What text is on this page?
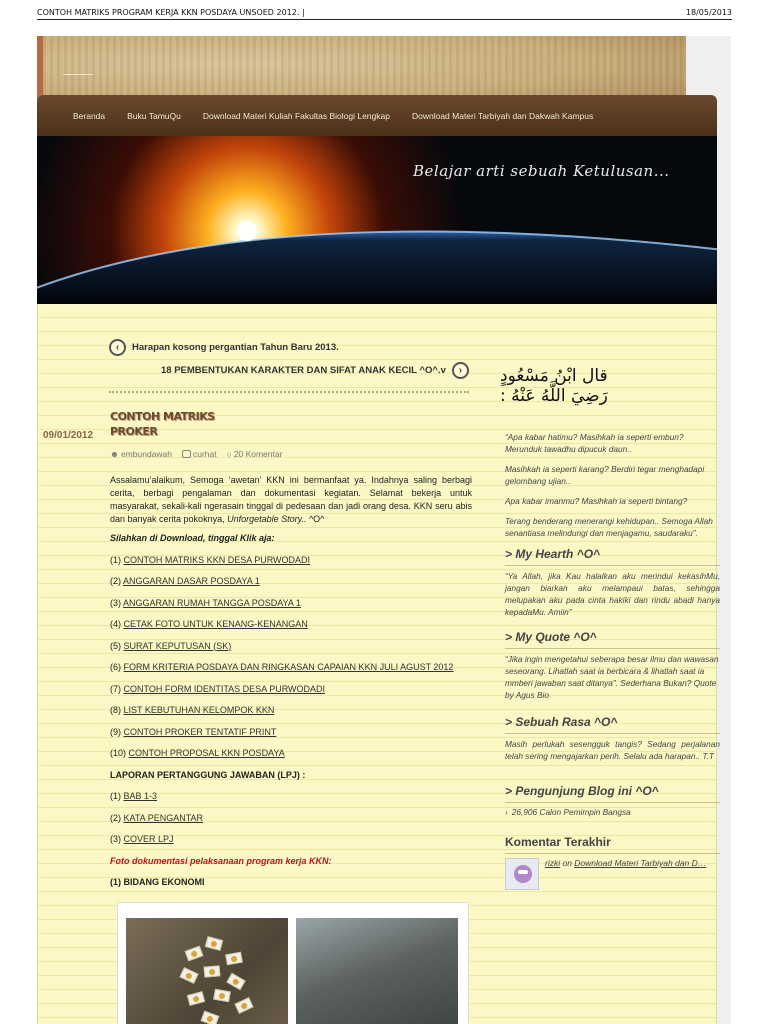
CONTOH MATRIKS PROGRAM KERJA KKN POSDAYA UNSOED 2012. |	18/05/2013
Beranda	Buku TamuQu	Download Materi Kuliah Fakultas Biologi Lengkap	Download Materi Tarbiyah dan Dakwah Kampus
Belajar arti sebuah Ketulusan...
‹	Harapan kosong pergantian Tahun Baru 2013.
18 PEMBENTUKAN KARAKTER DAN SIFAT ANAK KECIL ^O^.v	›
09/01/2012
CONTOH MATRIKS PROKER
☻ embundawah curhat ○ 20 Komentar

Assalamu’alaikum, Semoga ‘awetan’ KKN ini bermanfaat ya. Indahnya saling berbagi cerita, berbagi pengalaman dan dokumentasi kegiatan. Selamat bekerja untuk masyarakat, sekali-kali ngerasain tinggal di pedesaan dan jadi orang desa. KKN seru abis dan banyak cerita pokoknya, Unforgetable Story.. ^O^

Silahkan di Download, tinggal Klik aja:
(1) CONTOH MATRIKS KKN DESA PURWODADI
(2) ANGGARAN DASAR POSDAYA 1
(3) ANGGARAN RUMAH TANGGA POSDAYA 1
(4) CETAK FOTO UNTUK KENANG-KENANGAN
(5) SURAT KEPUTUSAN (SK)
(6) FORM KRITERIA POSDAYA DAN RINGKASAN CAPAIAN KKN JULI AGUST 2012
(7) CONTOH FORM IDENTITAS DESA PURWODADI
(8) LIST KEBUTUHAN KELOMPOK KKN
(9) CONTOH PROKER TENTATIF PRINT
(10) CONTOH PROPOSAL KKN POSDAYA
LAPORAN PERTANGGUNG JAWABAN (LPJ) :
(1) BAB 1-3
(2) KATA PENGANTAR
(3) COVER LPJ
Foto dokumentasi pelaksanaan program kerja KKN:
(1) BIDANG EKONOMI
قال ابْنُ مَسْعُودٍ رَضِيَ اللَّهُ عَنْهُ :

“Apa kabar hatimu? Masihkah ia seperti embun? Merunduk tawadhu dipucuk daun..

Masihkah ia seperti karang? Berdiri tegar menghadapi gelombang ujian..

Apa kabar imanmu? Masihkah ia seperti bintang?

Terang benderang menerangi kehidupan.. Semoga Allah senantiasa melindungi dan menjagamu, saudaraku”.

> My Hearth ^O^
“Ya Allah, jika Kau halalkan aku merindui kekasihMu, jangan biarkan aku melampaui batas, sehingga melupakan aku pada cinta hakiki dan rindu abadi hanya kepadaMu. Amiin”
> My Quote ^O^
“Jika ingin mengetahui seberapa besar ilmu dan wawasan seseorang. Lihatlah saat ia berbicara & lihatlah saat ia mmberi jawaban saat ditanya”. Sederhana Bukan? Quote by Agus Bio
> Sebuah Rasa ^O^
Masih perlukah sesengguk tangis? Sedang perjalanan telah sering mengajarkan perih. Selalu ada harapan.. T.T
> Pengunjung Blog ini ^O^
› 26,906 Calon Pemimpin Bangsa
Komentar Terakhir
rizki on Download Materi Tarbiyah dan D…
